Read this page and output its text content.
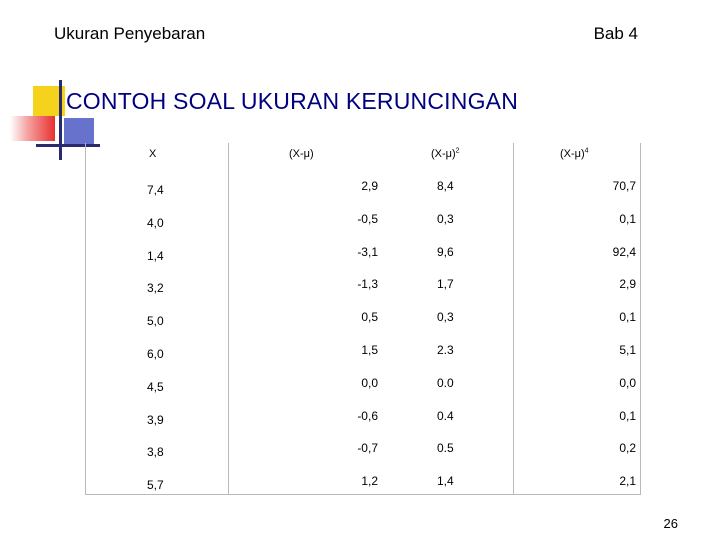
Ukuran Penyebaran	Bab 4
CONTOH SOAL UKURAN KERUNCINGAN
X	(X-μ)	$(X-\mu)^2$	$(X-\mu)^4$
7,4	2,9	8,4	70,7
4,0	-0,5	0,3	0,1
1,4	-3,1	9,6	92,4
3,2	-1,3	1,7	2,9
5,0	0,5	0,3	0,1
6,0	1,5	2.3	5,1
4,5	0,0	0.0	0,0
3,9	-0,6	0.4	0,1
3,8	-0,7	0.5	0,2
5,7	1,2	1,4	2,1
26
